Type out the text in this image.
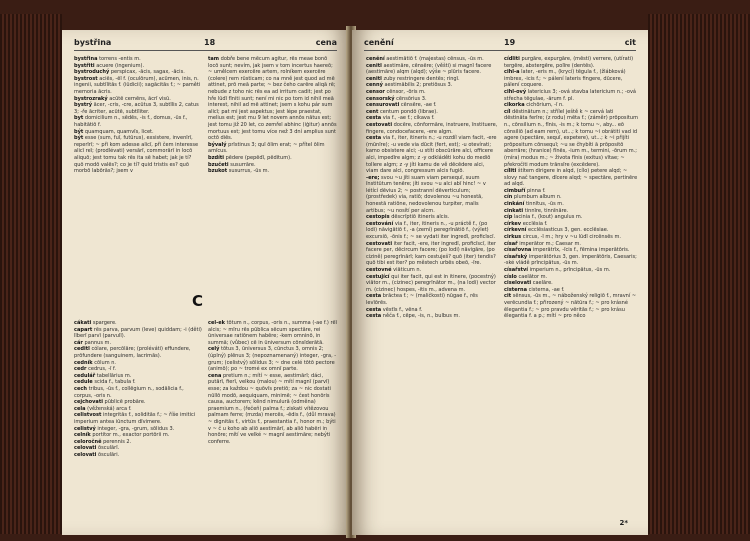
bystřina	18	cena

bystřina torrens -entis m.

bystřiti acuere (ingenium).

bystroduchý perspicax, -ācis, sagax, -ācis.

bystrost aciēs, -ēī f. (oculōrum), acūmen, inis, n. ingenii, subtīlitās f. (iūdicii); sagācitās f.; ~ paměti memoria ācris.

bystrozraký acūtē cernēns, ācrī visū.

bystrý ācer, -cris, -cre, acūtus 3, subtīlis 2, catus 3; -ře ācriter, acūtē, subtīliter.

byt domicilium n., sēdēs, -is f., domus, -ūs f., habitātiō f.

být quamquam, quamvīs, licet.

být esse (sum, fuī, futūrus), exsistere, invenīrī, reperīrī; ~ při kom adesse alicī, při čem interesse alicī reī; (prodlévati) versārī, commorārī in locō aliquō; jest tomu tak rēs ita sē habet; jak je tí? quō modō valēs?; co je tí? quid tristis es? quō morbō labōrās?; jsem v

tam dobře bene mēcum agitur, rēs meae bonō locō sunt; nevím, jak jsem v tom incertus haereō; ~ umělcem exercēre artem, rolníkem exercēre (colere) rem rūsticam; co na mně jest quod ad mē attinet, prō meā parte; ~ bez čeho carēre aliqā rē; nebude z toho nic rēs ea ad irritum cadit; jest po hře lūdī fīniti sunt; není mi nic po tom id nihil meā interest, nihil ad mē attinet; jsem s kohu pár sum alicī; pat mi jest aspektus; jest lépe praestat, melius est; jest mu 9 let novem annōs nātus est; jest tomu již 20 let, co zemřel abhinc (iģitur) annōs mortuus est; jest tomu více než 3 dní amplius sunt octō diēs.

bývalý prīstinus 3; quī ōlim erat; ~ přítel ōlim amīcus.

bzdíti pēdere (pepēdī, pēditum).

bzučeti susurrāre.

bzukot susurrus, -ūs m.

C

cákati spargere.

capart rēs parva, parvum (leve) quiddam; -i (děti) līberī parvī (parvulī).

cár pannus m.

ceditl cólare, percōlāre; (proléváti) effundere, prōfundere (sanguinem, lacrimās).

cedník cōlum n.

cedr cedrus, -ī f.

cedulář tabellārius m.

cedule scida f., tabula f.

cech tribus, -ūs f., collēgium n., sodālicia f., corpus, -oris n.

cejchovati pūblicē probāre.

cela (věženská) arca f.

celistvost integritās f., soliditās f.; ~ říše imitici imperium antea iūnctum dīvimere.

celistvý integer, -gra, -grum, sōlidus 3.

celník portitor m., exactor portōrii m.

celoročně perennis 2.

celovati ōsculārī.

celovati ōsculāri.

cel-ek tōtum n., corpus, -oris n., summa (-ae f.) rēī alcis; ~ mīru rēs pūblica sēcum spectāre, rei ūniversae ratiōnem habēre; -kem omninō, in summā; (vůbec) cē in ūniversum cōnsīderātā.

celý tōtus 3, ūniversus 3, cūnctus 3, omnis 2; (úplný) plēnus 3; (nepoznamenaný) integer, -gra, -grum; (celistvý) sōlidus 3; ~ dne celé tōtō pectore (animō); po ~ tromé ex omnī parte.

cena pretium n.; mítí ~ esse, aestimārī; dáci, putārī, fierī, velkou (malou) ~ mítí magnī (parvī) esse; za každou ~ quōvīs pretiō; za ~ nic dostati nūllō modō, aequiquam, minimē; ~ čest honōris causa, auctorem; kēnd nimulurā (odměna) praemium n., (řečeň) palma f.; ziskati vítězovou palmam ferre; (mzda) mercēs, -ēdis f., (důl mrava) ~ dignitās f., virtūs f., praestantia f., honor m.; býti v ~ č u koho ab aliō aestimārī, ab aliō habēri in honōre; mítí ve velké ~ magnī aestimāre; nebýti conferre.

cenění	19	cit

cenění aestimātiō f. (majestas) cēnsus, -ūs m.

cenitī aestimāre, cēnsēre; (věšti) si magnī facere (aestimāre) alqm (alqd); výše ~ plūris facere.

cenitī zuby restringere dentēs; ringī.

cenný aestimābilis 2; pretiōsus 3.

censor cēnsor, -ōris m.

censorský cēnsōrius 3.

censurovati cēnsēre, -ae f.

cent centum pondō (librae).

cesta via f., -ae f.; cíkava f.

cestovati docēre, cōnformāre, instruere, īnstituere, fingere, condocefacere, -ere algm.

cesta via f., iter, itineris n.; -u rozdíl viam facit, -ere (mūnīre); -u vede via dūcit (fert, est); -u otevírati; kamo obsistere alci; -u stíti obscūrāre alci, officere alci, impedīre algm; z -y odkláděti kohu do mediō tollere algm; z -y jíti kamu de vě dēcēdere alci, viam dare alci, congressum alcis fugiō.

-ere; svou ~u jíti suam viam persequī, suum īnstitūtum tenēre; jíti svou ~u alci abī hinc! ~ v létící dēvius 2; ~ postranní dēverticulum; (prostředek) via, ratiō; dovolenou ~u honestā, honestā ratiōne, nedovolenou turpiter, malis artibus; ~u nosítí per alcm.

cestopis dēscrīptiō itineris alcis.

cestování via f., iter, itineris n., -u práctě f., (po lodi) nāvigātiō f., -a (zemí) peregrīnātiō f., (výlet) excursiō, -ōnis f.; ~ se vydati iter ingredī, proficīscī.

cestovati iter facit, -ere, iter ingredī, proficīscī, iter facere per, dēcircum facere; (po lodi) nāvigāre, (po cizině) peregrīnārī; kam cestuješ? quō (iter) tendis? quō tibi est iter? po městech urbēs obeō, -īre.

cestovné viāticum n.

cestující qui iter facit, qui est in itinere, (pocestný) viātor m., (cizinec) peregrīnātor m., (na lodi) vector m. (cizinec) hospes, -itis m., advena m.

cesta brāctea f.; ~ (maličkosti) nūgae f., rēs levīōrēs.

cesta vēstīs f., vēna f.

cesta něča f., cēpe, -is, n., bulbus m.

cídliti purgāre, expurgāre, (mēsti) verrere, (utírati) tergēre, abstergēre, polīre (dentēs).

cihl-a later, -eris m., (krycí) tēgula f., (žlábková) imbrex, -icis f.; ~ pálení lateris fingere, dūcere, pálení coquere.

cihl-ový latericius 3; -ová stavba latericium n.; -ová střecha tēgulae, -ārum f. pl.

cikorka cichōrium, -ī n.

cíl dēstinātum n.; střílel ještě k ~ cervá lati dēstināta ferīre; (z rodu) mēta f.; (záměr) prōpositum n., cōnsilium n., fīnis, -is m.; k tomu ~, aby... eō cōnsiliō (ad eam rem), ut...; k tomu ~i obrátiti vad id agere (spectāre, sequī, expetere), ut...; k ~i přijíti prōpositum cōnsequī; ~u se čhybíti ā prōpositō aberrāre; (hranice) fīnēs, -ium m., termini, -ōrum m.; (míra) modus m.; ~ života fīnis (exitus) vītae; ~ překročiti modum trānsīre (excēdere).

cíliti štítem dirigere in alqd, (cílo) petere alqd; ~ slovy nač tangere, dīcere alqd; ~ spectāre, pertinēre ad alqd.

cimbuří pinna f.

cín plumbum album n.

cinkání tinnītus, -ūs m.

cinkati tinnīre, tinnīnāre.

cíp lacinia f., (kout) angulus m.

církev ecclēsia f.

církevní ecclēsiasticus 3, gen. ecclēsiae.

cirkus circus, -ī m.; hry v ~u lūdī circēnsēs m.

císař imperātor m.; Caesar m.

císařovna imperātrīx, -īcis f., fēmina imperātōris.

císařský imperātōrius 3, gen. imperātōris, Caesaris; -ské vládě prīncipātus, -ūs m.

císařství imperium n., prīncipātus, -ūs m.

císlo caelātor m.

ciselovati caelāre.

cisterna cisterna, -ae f.

cit sēnsus, -ūs m., ~ náboženský religiō f., mravní ~ verēcundia f.; přirozený ~ nātūra f.; ~ pro krásné ēlegantia f.; ~ pro pravdu vēritās f.; ~ pro krásu ēlegantia f. a p.; mítí ~ pro něco

2*
